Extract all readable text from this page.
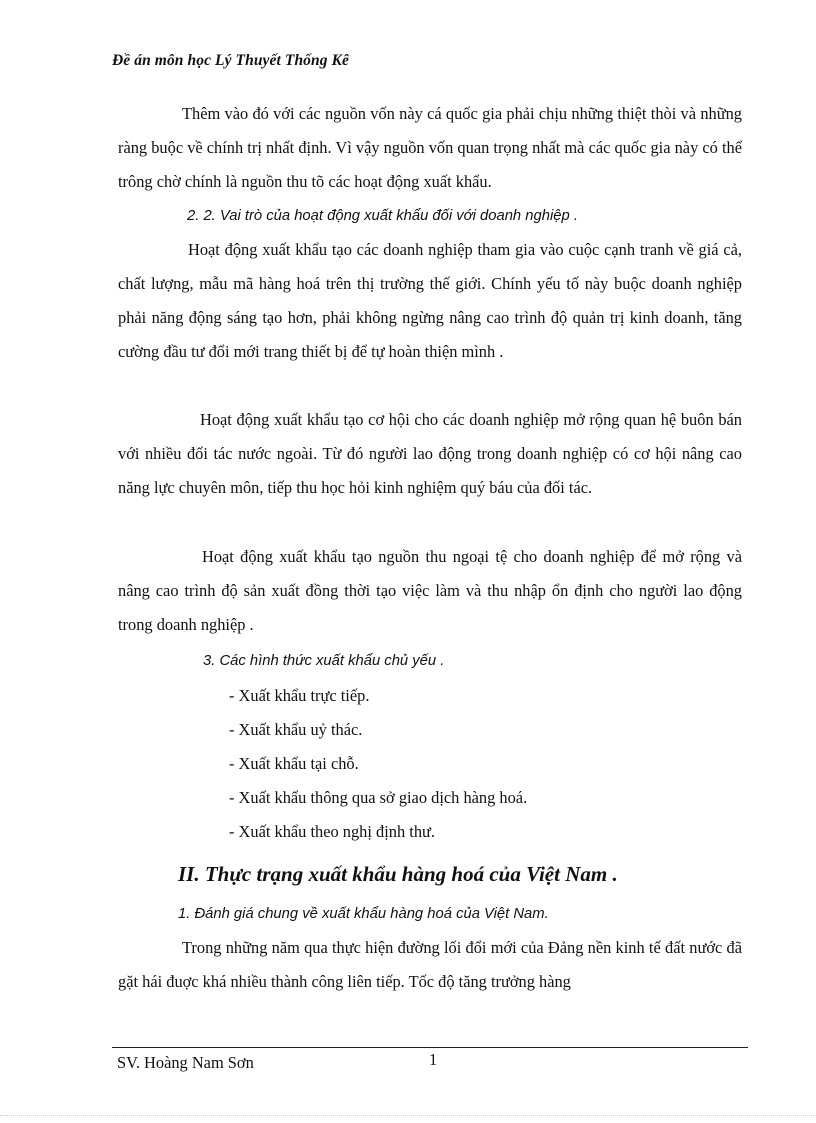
Đề án môn học Lý Thuyết Thống Kê

Thêm vào đó với các nguồn vốn này cá quốc gia phải chịu những thiệt thòi và những ràng buộc về chính trị nhất định. Vì vậy nguồn vốn quan trọng nhất mà các quốc gia này có thể trông chờ chính là nguồn thu tõ các hoạt động xuất khẩu.

2. 2. Vai trò của hoạt động xuất khẩu đối với doanh nghiệp .

Hoạt động xuất khẩu tạo các doanh nghiệp tham gia vào cuộc cạnh tranh về giá cả, chất lượng, mẫu mã hàng hoá trên thị trường thế giới. Chính yếu tố này buộc doanh nghiệp phải năng động sáng tạo hơn, phải không ngừng nâng cao trình độ quản trị kinh doanh, tăng cường đầu tư đổi mới trang thiết bị để tự hoàn thiện mình .

Hoạt động xuất khẩu tạo cơ hội cho các doanh nghiệp mở rộng quan hệ buôn bán với nhiều đối tác nước ngoài. Từ đó người lao động trong doanh nghiệp có cơ hội nâng cao năng lực chuyên môn, tiếp thu học hỏi kinh nghiệm quý báu của đối tác.

Hoạt động xuất khẩu tạo nguồn thu ngoại tệ cho doanh nghiệp để mở rộng và nâng cao trình độ sản xuất đồng thời tạo việc làm và thu nhập ổn định cho người lao động trong doanh nghiệp .

3. Các hình thức xuất khẩu chủ yếu .
- Xuất khẩu trực tiếp.
- Xuất khẩu uỷ thác.
- Xuất khẩu tại chỗ.
- Xuất khẩu thông qua sở giao dịch hàng hoá.
- Xuất khẩu theo nghị định thư.
II. Thực trạng xuất khẩu hàng hoá của Việt Nam .
1. Đánh giá chung về xuất khẩu hàng hoá của Việt Nam.

Trong những năm qua thực hiện đường lối đổi mới của Đảng nền kinh tế đất nước đã gặt hái đuợc khá nhiều thành công liên tiếp. Tốc độ tăng trưởng hàng

SV. Hoàng Nam Sơn	1
